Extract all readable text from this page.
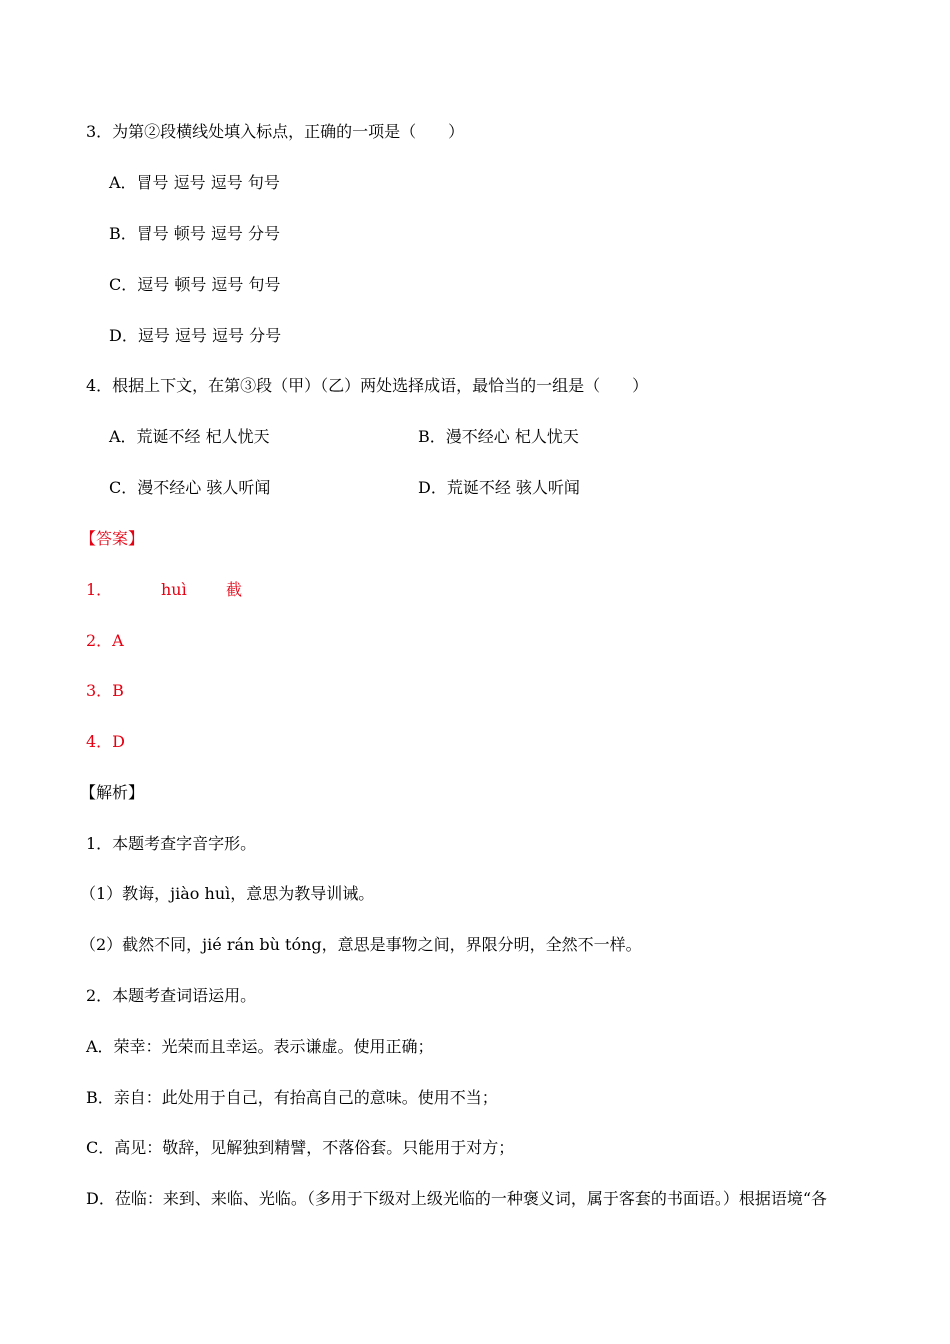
3．为第②段横线处填入标点，正确的一项是（　　）
A．冒号 逗号 逗号 句号
B．冒号 顿号 逗号 分号
C．逗号 顿号 逗号 句号
D．逗号 逗号 逗号 分号
4．根据上下文，在第③段（甲）（乙）两处选择成语，最恰当的一组是（　　）
A．荒诞不经 杞人忧天	B．漫不经心 杞人忧天
C．漫不经心 骇人听闻	D．荒诞不经 骇人听闻
【答案】
1．	huì 截
2．A
3．B
4．D
【解析】
1．本题考查字音字形。
（1）教诲，jiào huì，意思为教导训诫。
（2）截然不同，jié rán bù tóng，意思是事物之间，界限分明，全然不一样。
2．本题考查词语运用。
A．荣幸：光荣而且幸运。表示谦虚。使用正确；
B．亲自：此处用于自己，有抬高自己的意味。使用不当；
C．高见：敬辞，见解独到精譬，不落俗套。只能用于对方；
D．莅临：来到、来临、光临。（多用于下级对上级光临的一种褒义词，属于客套的书面语。）根据语境“各
